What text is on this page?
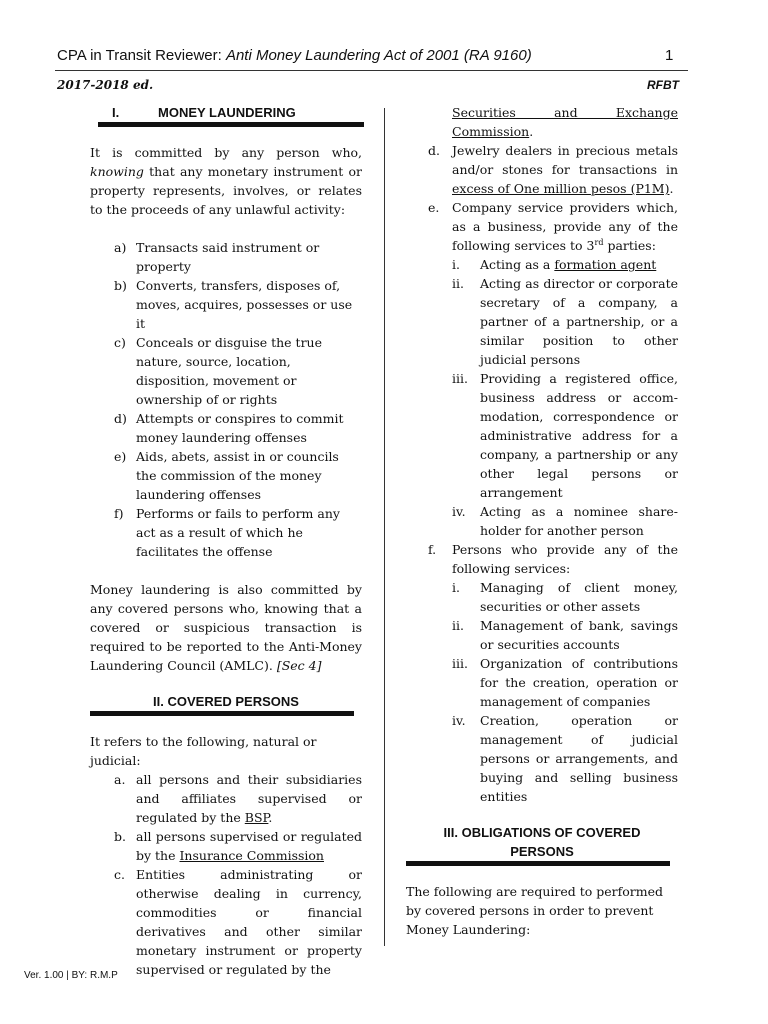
CPA in Transit Reviewer: Anti Money Laundering Act of 2001 (RA 9160)	1
2017-2018 ed.	RFBT
I.	MONEY LAUNDERING

It is committed by any person who, knowing that any monetary instrument or property represents, involves, or relates to the proceeds of any unlawful activity:

a) Transacts said instrument or property
b) Converts, transfers, disposes of, moves, acquires, possesses or use it
c) Conceals or disguise the true nature, source, location, disposition, movement or ownership of or rights
d) Attempts or conspires to commit money laundering offenses
e) Aids, abets, assist in or councils the commission of the money laundering offenses
f) Performs or fails to perform any act as a result of which he facilitates the offense

Money laundering is also committed by any covered persons who, knowing that a covered or suspicious transaction is required to be reported to the Anti-Money Laundering Council (AMLC). [Sec 4]

II. COVERED PERSONS

It refers to the following, natural or judicial:

a. all persons and their subsidiaries and affiliates supervised or regulated by the BSP.
b. all persons supervised or regulated by the Insurance Commission
c. Entities administrating or otherwise dealing in currency, commodities or financial derivatives and other similar monetary instrument or property supervised or regulated by the
Securities and Exchange Commission.
d. Jewelry dealers in precious metals and/or stones for transactions in excess of One million pesos (P1M).
e. Company service providers which, as a business, provide any of the following services to 3rd parties:
i. Acting as a formation agent
ii. Acting as director or corporate secretary of a company, a partner of a partnership, or a similar position to other judicial persons
iii. Providing a registered office, business address or accom-modation, correspondence or administrative address for a company, a partnership or any other legal persons or arrangement
iv. Acting as a nominee share-holder for another person
f. Persons who provide any of the following services:
i. Managing of client money, securities or other assets
ii. Management of bank, savings or securities accounts
iii. Organization of contributions for the creation, operation or management of companies
iv. Creation, operation or management of judicial persons or arrangements, and buying and selling business entities
III. OBLIGATIONS OF COVERED PERSONS

The following are required to performed by covered persons in order to prevent Money Laundering:

Ver. 1.00 | BY: R.M.P
